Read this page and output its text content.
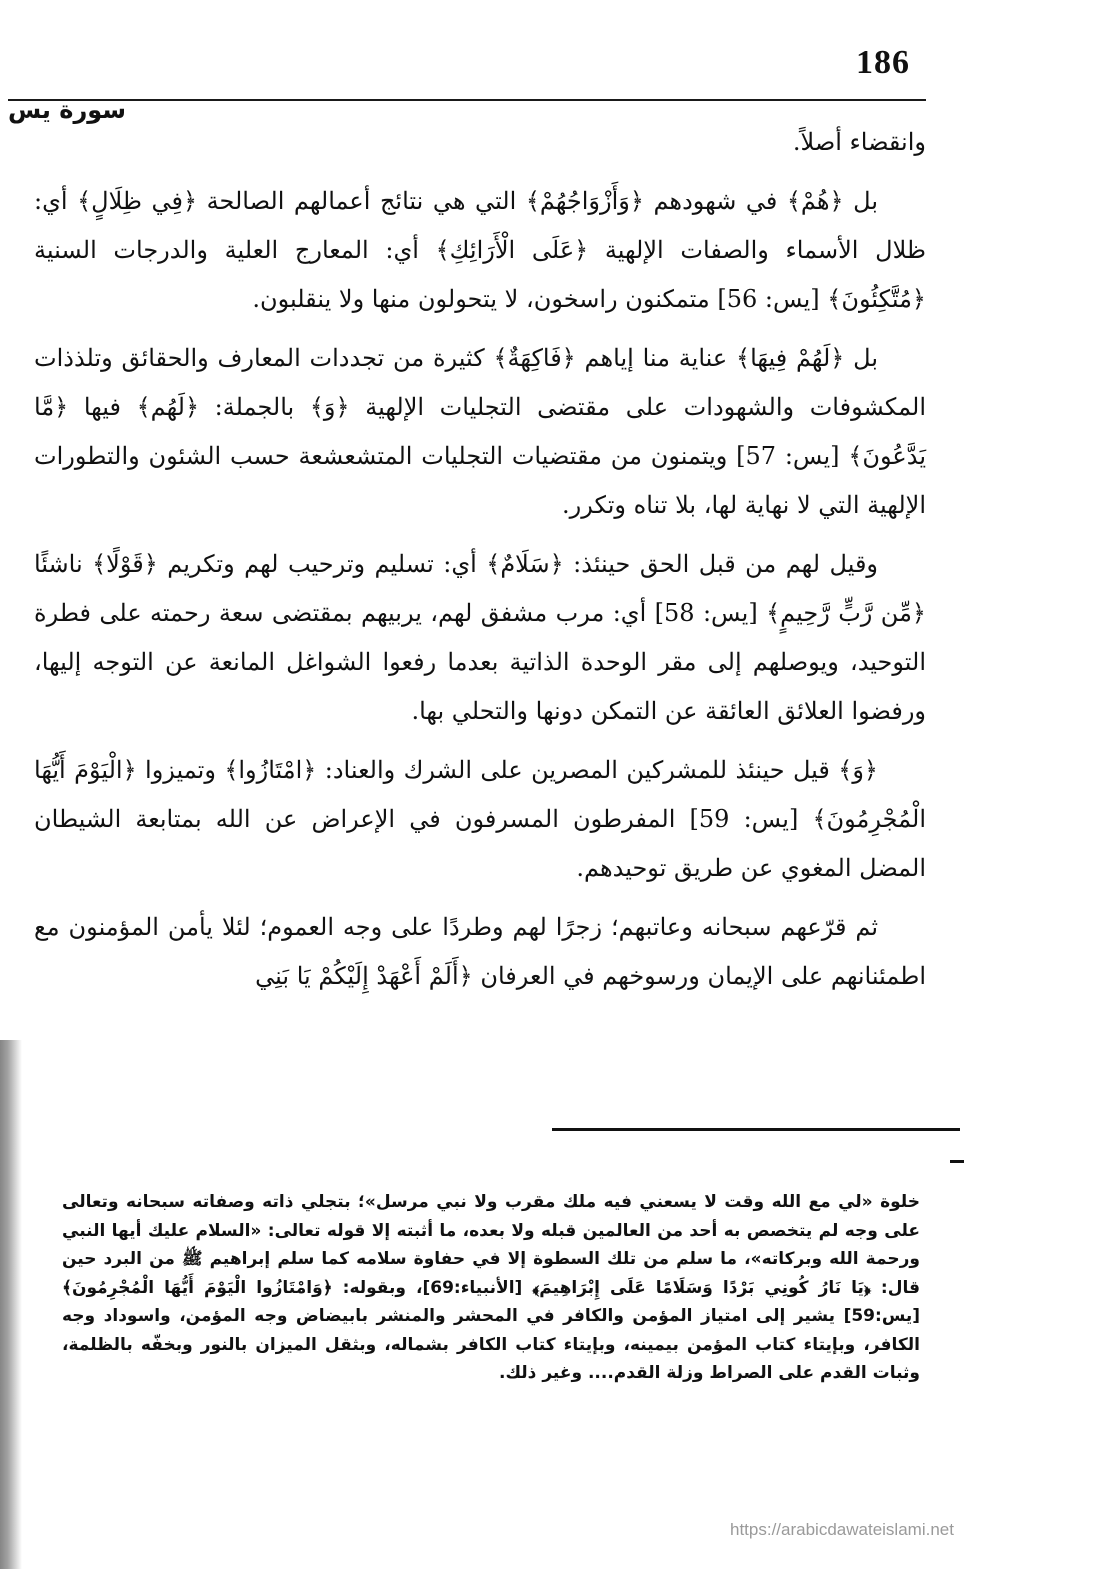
186
سورة يس

وانقضاء أصلاً.

بل ﴿هُمْ﴾ في شهودهم ﴿وَأَزْوَاجُهُمْ﴾ التي هي نتائج أعمالهم الصالحة ﴿فِي ظِلَالٍ﴾ أي: ظلال الأسماء والصفات الإلهية ﴿عَلَى الْأَرَائِكِ﴾ أي: المعارج العلية والدرجات السنية ﴿مُتَّكِئُونَ﴾ [يس: 56] متمكنون راسخون، لا يتحولون منها ولا ينقلبون.

بل ﴿لَهُمْ فِيهَا﴾ عناية منا إياهم ﴿فَاكِهَةٌ﴾ كثيرة من تجددات المعارف والحقائق وتلذذات المكشوفات والشهودات على مقتضى التجليات الإلهية ﴿وَ﴾ بالجملة: ﴿لَهُم﴾ فيها ﴿مَّا يَدَّعُونَ﴾ [يس: 57] ويتمنون من مقتضيات التجليات المتشعشعة حسب الشئون والتطورات الإلهية التي لا نهاية لها، بلا تناه وتكرر.

وقيل لهم من قبل الحق حينئذ: ﴿سَلَامٌ﴾ أي: تسليم وترحيب لهم وتكريم ﴿قَوْلًا﴾ ناشئًا ﴿مِّن رَّبٍّ رَّحِيمٍ﴾ [يس: 58] أي: مرب مشفق لهم، يربيهم بمقتضى سعة رحمته على فطرة التوحيد، ويوصلهم إلى مقر الوحدة الذاتية بعدما رفعوا الشواغل المانعة عن التوجه إليها، ورفضوا العلائق العائقة عن التمكن دونها والتحلي بها.

﴿وَ﴾ قيل حينئذ للمشركين المصرين على الشرك والعناد: ﴿امْتَازُوا﴾ وتميزوا ﴿الْيَوْمَ أَيُّهَا الْمُجْرِمُونَ﴾ [يس: 59] المفرطون المسرفون في الإعراض عن الله بمتابعة الشيطان المضل المغوي عن طريق توحيدهم.

ثم قرّعهم سبحانه وعاتبهم؛ زجرًا لهم وطردًا على وجه العموم؛ لئلا يأمن المؤمنون مع اطمئنانهم على الإيمان ورسوخهم في العرفان ﴿أَلَمْ أَعْهَدْ إِلَيْكُمْ يَا بَنِي

خلوة «لي مع الله وقت لا يسعني فيه ملك مقرب ولا نبي مرسل»؛ بتجلي ذاته وصفاته سبحانه وتعالى على وجه لم يتخصص به أحد من العالمين قبله ولا بعده، ما أثبته إلا قوله تعالى: «السلام عليك أيها النبي ورحمة الله وبركاته»، ما سلم من تلك السطوة إلا في حفاوة سلامه كما سلم إبراهيم ﷺ من البرد حين قال: ﴿يَا نَارُ كُونِي بَرْدًا وَسَلَامًا عَلَى إِبْرَاهِيمَ﴾ [الأنبياء:69]، وبقوله: ﴿وَامْتَازُوا الْيَوْمَ أَيُّهَا الْمُجْرِمُونَ﴾ [يس:59] يشير إلى امتياز المؤمن والكافر في المحشر والمنشر بابيضاض وجه المؤمن، واسوداد وجه الكافر، وبإيتاء كتاب المؤمن بيمينه، وبإيتاء كتاب الكافر بشماله، وبثقل الميزان بالنور وبخفّه بالظلمة، وثبات القدم على الصراط وزلة القدم.... وغير ذلك.
https://arabicdawateislami.net
